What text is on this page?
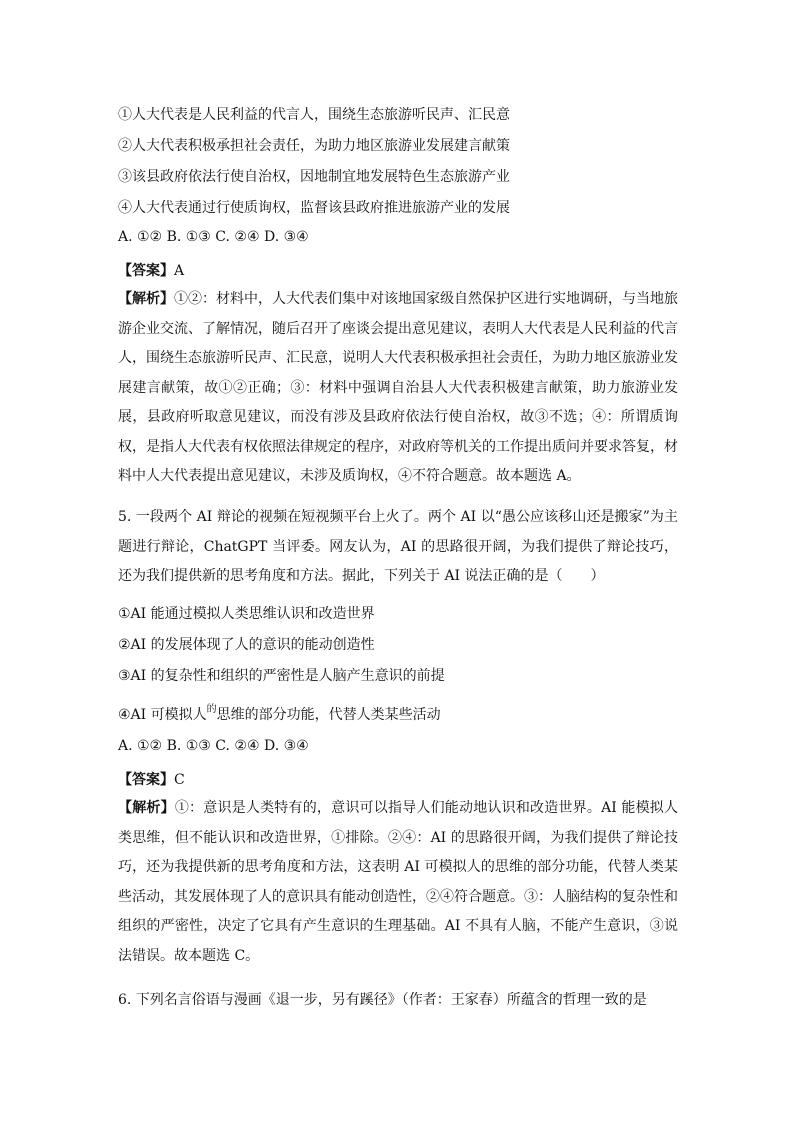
①人大代表是人民利益的代言人，围绕生态旅游听民声、汇民意
②人大代表积极承担社会责任，为助力地区旅游业发展建言献策
③该县政府依法行使自治权，因地制宜地发展特色生态旅游产业
④人大代表通过行使质询权，监督该县政府推进旅游产业的发展
A. ①② B. ①③ C. ②④ D. ③④
【答案】A
【解析】①②：材料中，人大代表们集中对该地国家级自然保护区进行实地调研，与当地旅游企业交流、了解情况，随后召开了座谈会提出意见建议，表明人大代表是人民利益的代言人，围绕生态旅游听民声、汇民意，说明人大代表积极承担社会责任，为助力地区旅游业发展建言献策，故①②正确；③：材料中强调自治县人大代表积极建言献策，助力旅游业发展，县政府听取意见建议，而没有涉及县政府依法行使自治权，故③不选；④：所谓质询权，是指人大代表有权依照法律规定的程序，对政府等机关的工作提出质问并要求答复，材料中人大代表提出意见建议，未涉及质询权，④不符合题意。故本题选 A。
5. 一段两个 AI 辩论的视频在短视频平台上火了。两个 AI 以“愚公应该移山还是搬家”为主题进行辩论，ChatGPT 当评委。网友认为，AI 的思路很开阔，为我们提供了辩论技巧，还为我们提供新的思考角度和方法。据此，下列关于 AI 说法正确的是（　　）
①AI 能通过模拟人类思维认识和改造世界
②AI 的发展体现了人的意识的能动创造性
③AI 的复杂性和组织的严密性是人脑产生意识的前提
④AI 可模拟人$^的$思维的部分功能，代替人类某些活动
A. ①② B. ①③ C. ②④ D. ③④
【答案】C
【解析】①：意识是人类特有的，意识可以指导人们能动地认识和改造世界。AI 能模拟人类思维，但不能认识和改造世界，①排除。②④：AI 的思路很开阔，为我们提供了辩论技巧，还为我提供新的思考角度和方法，这表明 AI 可模拟人的思维的部分功能，代替人类某些活动，其发展体现了人的意识具有能动创造性，②④符合题意。③：人脑结构的复杂性和组织的严密性，决定了它具有产生意识的生理基础。AI 不具有人脑，不能产生意识，③说法错误。故本题选 C。
6. 下列名言俗语与漫画《退一步，另有蹊径》（作者：王家春）所蕴含的哲理一致的是
